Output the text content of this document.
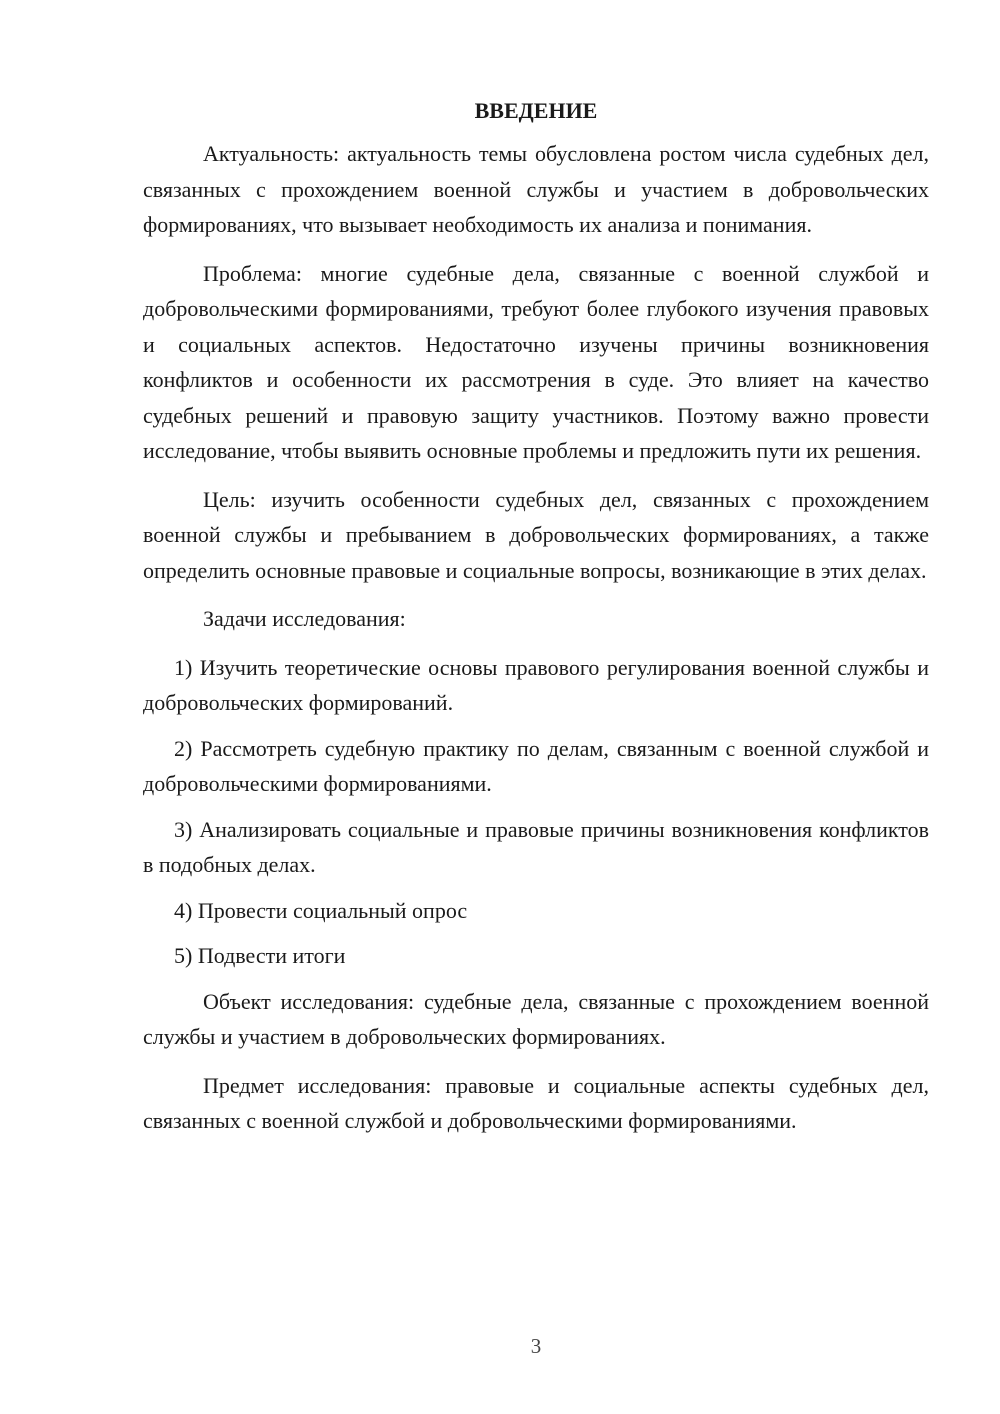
ВВЕДЕНИЕ

Актуальность: актуальность темы обусловлена ростом числа судебных дел, связанных с прохождением военной службы и участием в добровольческих формированиях, что вызывает необходимость их анализа и понимания.

Проблема: многие судебные дела, связанные с военной службой и добровольческими формированиями, требуют более глубокого изучения правовых и социальных аспектов. Недостаточно изучены причины возникновения конфликтов и особенности их рассмотрения в суде. Это влияет на качество судебных решений и правовую защиту участников. Поэтому важно провести исследование, чтобы выявить основные проблемы и предложить пути их решения.

Цель: изучить особенности судебных дел, связанных с прохождением военной службы и пребыванием в добровольческих формированиях, а также определить основные правовые и социальные вопросы, возникающие в этих делах.

Задачи исследования:

1) Изучить теоретические основы правового регулирования военной службы и добровольческих формирований.

2) Рассмотреть судебную практику по делам, связанным с военной службой и добровольческими формированиями.

3) Анализировать социальные и правовые причины возникновения конфликтов в подобных делах.

4) Провести социальный опрос

5) Подвести итоги

Объект исследования: судебные дела, связанные с прохождением военной службы и участием в добровольческих формированиях.

Предмет исследования: правовые и социальные аспекты судебных дел, связанных с военной службой и добровольческими формированиями.

3
